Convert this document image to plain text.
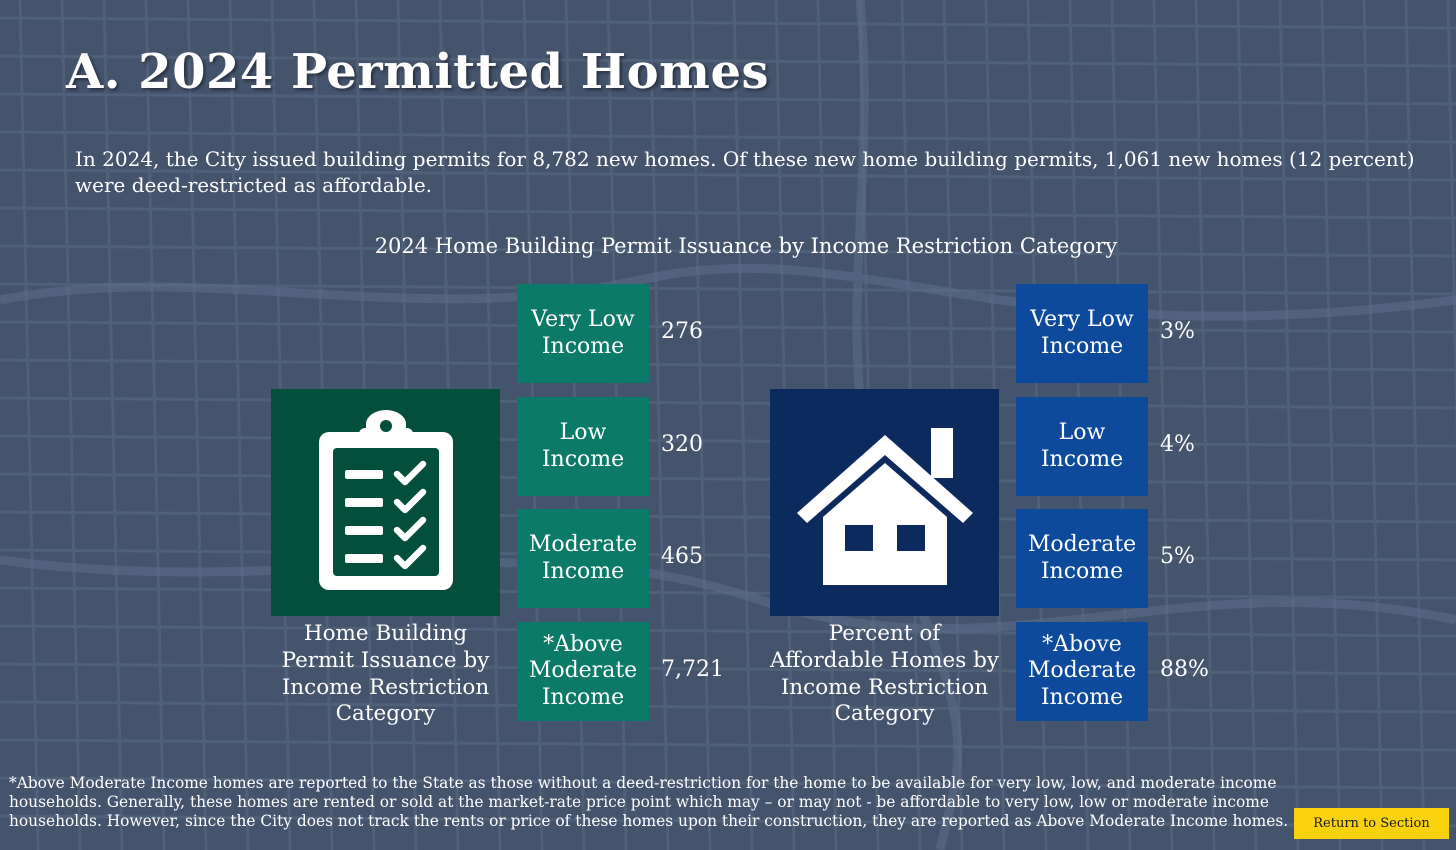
A. 2024 Permitted Homes

In 2024, the City issued building permits for 8,782 new homes. Of these new home building permits, 1,061 new homes (12 percent) were deed-restricted as affordable.

2024 Home Building Permit Issuance by Income Restriction Category
Home Building Permit Issuance by Income Restriction Category
Very Low
Income
276
Low
Income
320
Moderate
Income
465
*Above
Moderate
Income
7,721
Percent of Affordable Homes by Income Restriction Category
Very Low
Income
3%
Low
Income
4%
Moderate
Income
5%
*Above
Moderate
Income
88%

*Above Moderate Income homes are reported to the State as those without a deed-restriction for the home to be available for very low, low, and moderate income
households. Generally, these homes are rented or sold at the market-rate price point which may – or may not - be affordable to very low, low or moderate income
households. However, since the City does not track the rents or price of these homes upon their construction, they are reported as Above Moderate Income homes.	Return to Section
